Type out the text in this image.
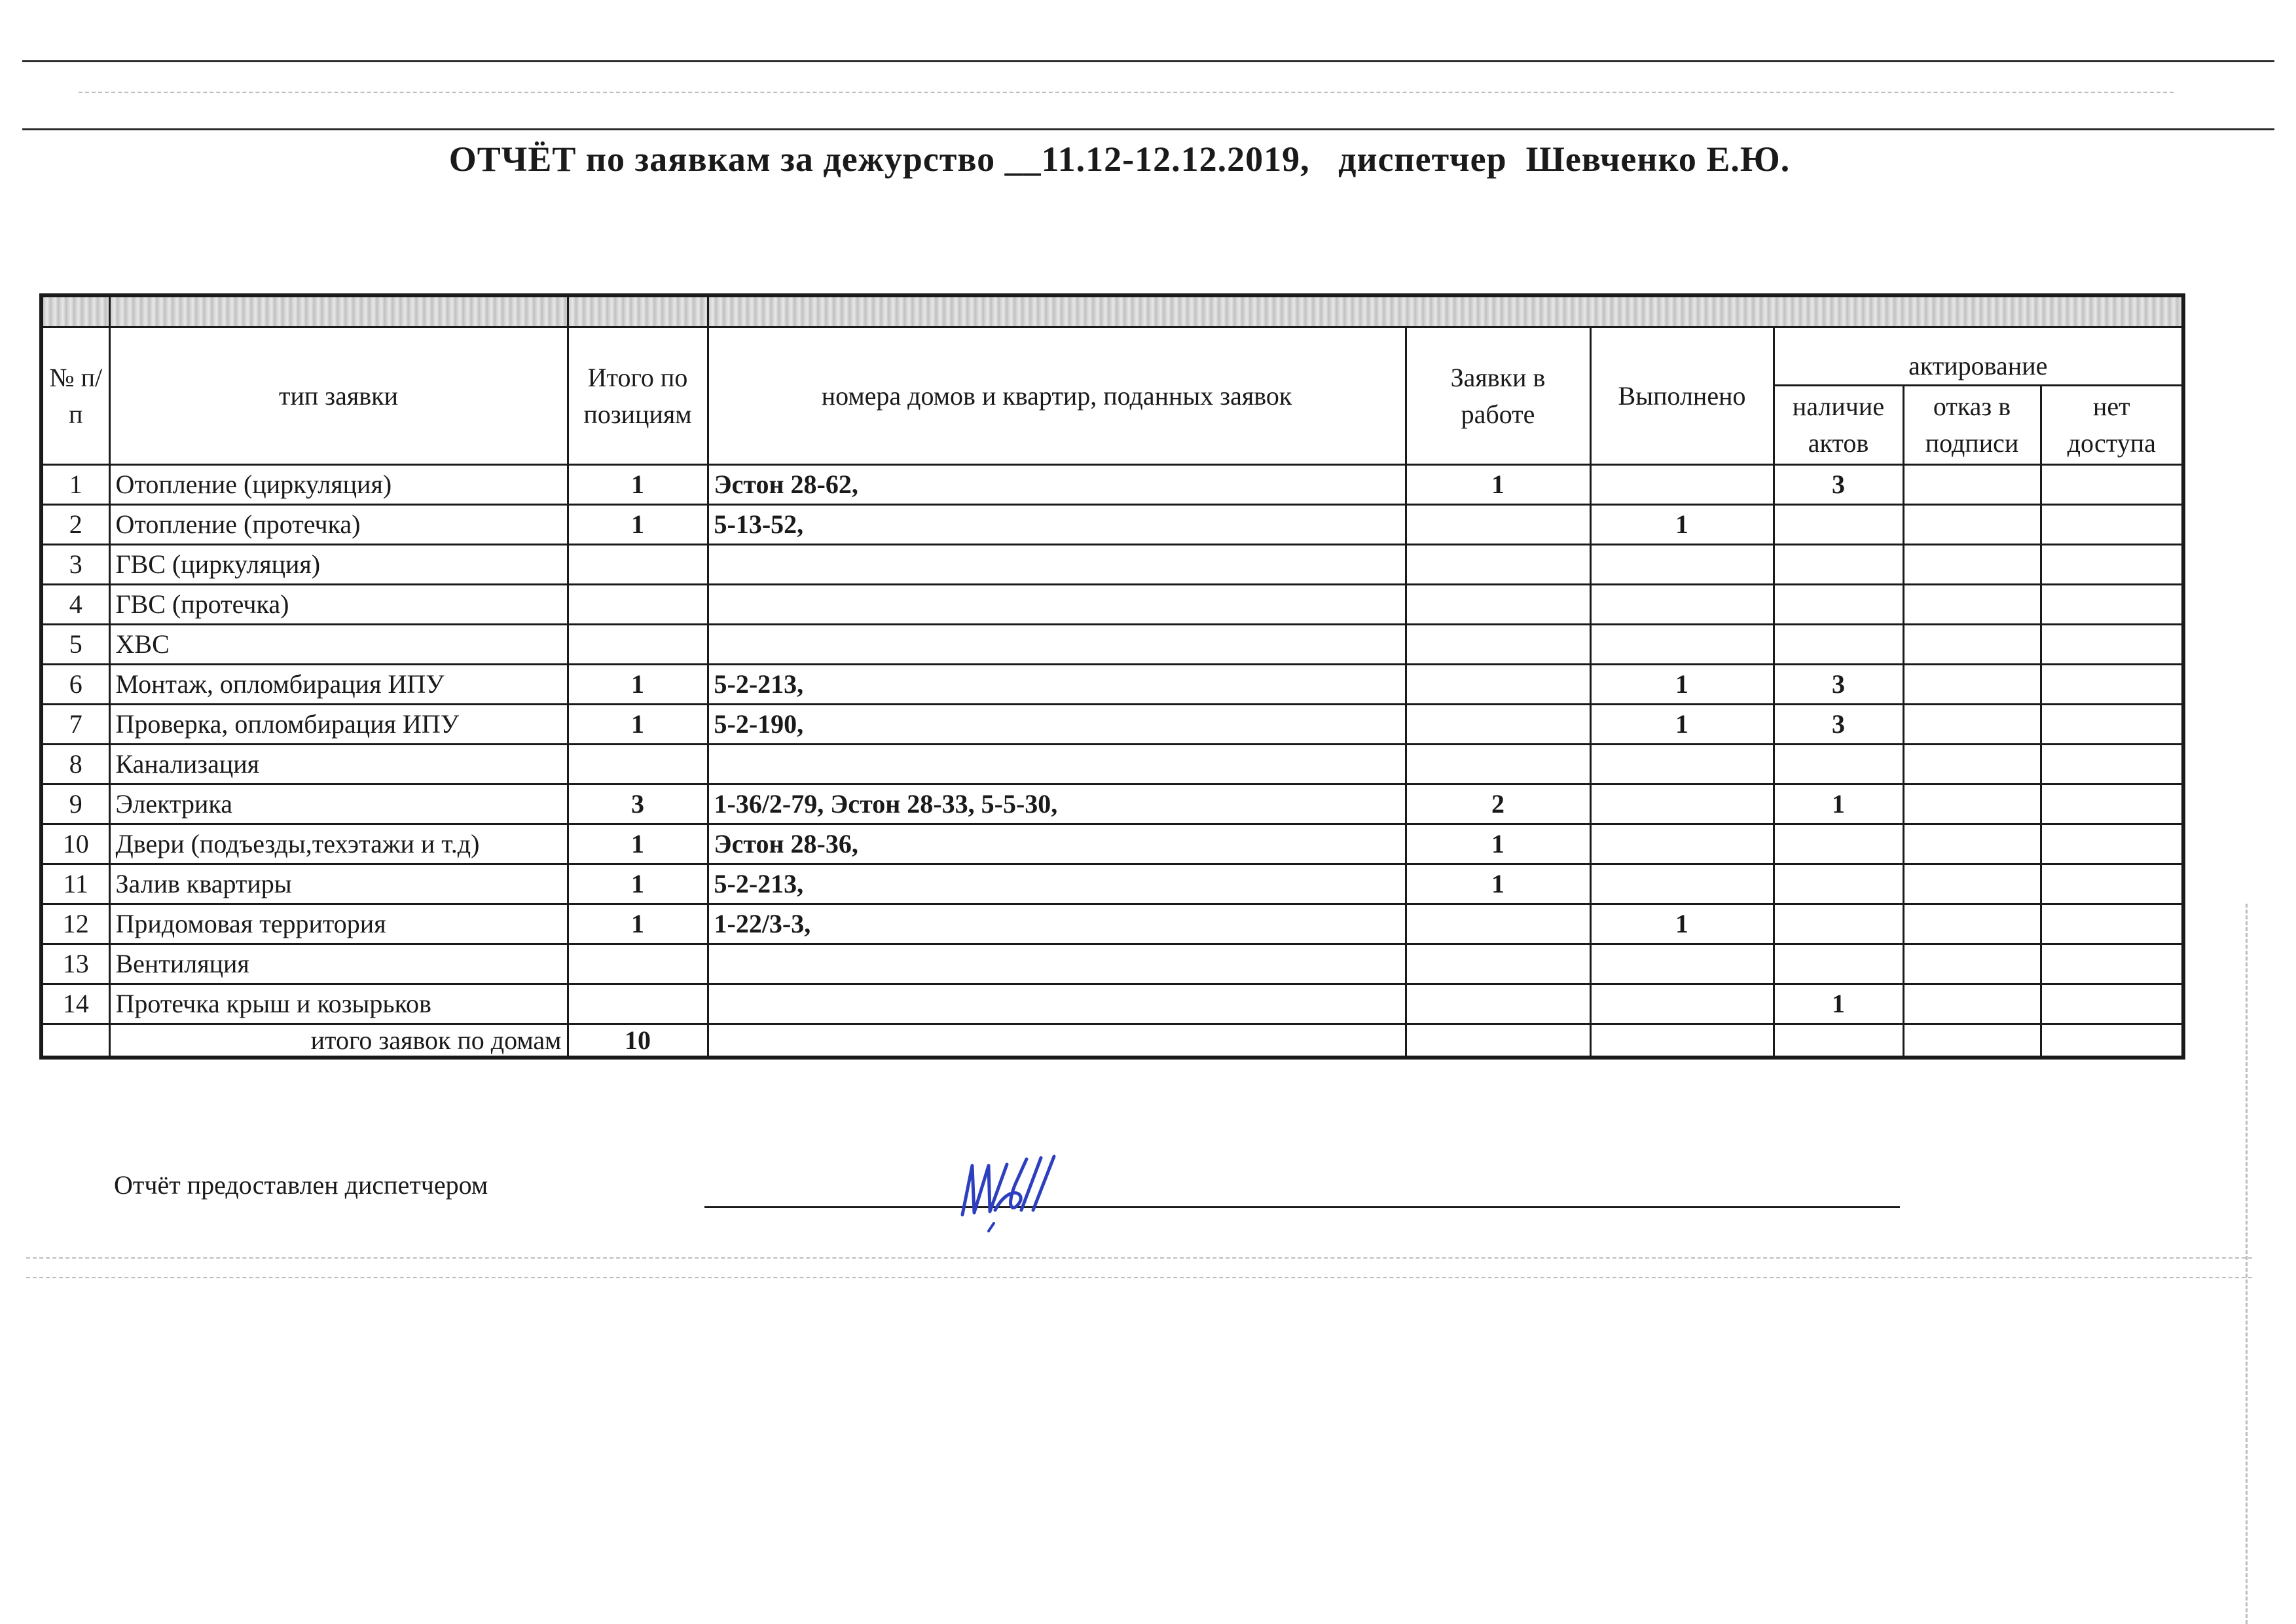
ОТЧЁТ по заявкам за дежурство __11.12-12.12.2019,   диспетчер  Шевченко Е.Ю.

№ п/п	тип заявки	Итого по позициям	номера домов и квартир, поданных заявок	Заявки в работе	Выполнено	актирование		
						наличие актов	отказ в подписи	нет доступа
1	Отопление (циркуляция)	1	Эстон 28-62,	1		3		
2	Отопление (протечка)	1	5-13-52,		1			
3	ГВС (циркуляция)							
4	ГВС (протечка)							
5	ХВС							
6	Монтаж, опломбирация ИПУ	1	5-2-213,		1	3		
7	Проверка, опломбирация ИПУ	1	5-2-190,		1	3		
8	Канализация							
9	Электрика	3	1-36/2-79, Эстон 28-33, 5-5-30,	2		1		
10	Двери (подъезды,техэтажи и т.д)	1	Эстон 28-36,	1				
11	Залив квартиры	1	5-2-213,	1				
12	Придомовая территория	1	1-22/3-3,		1			
13	Вентиляция							
14	Протечка крыш и козырьков					1		
	итого заявок по домам	10						
Отчёт предоставлен диспетчером
